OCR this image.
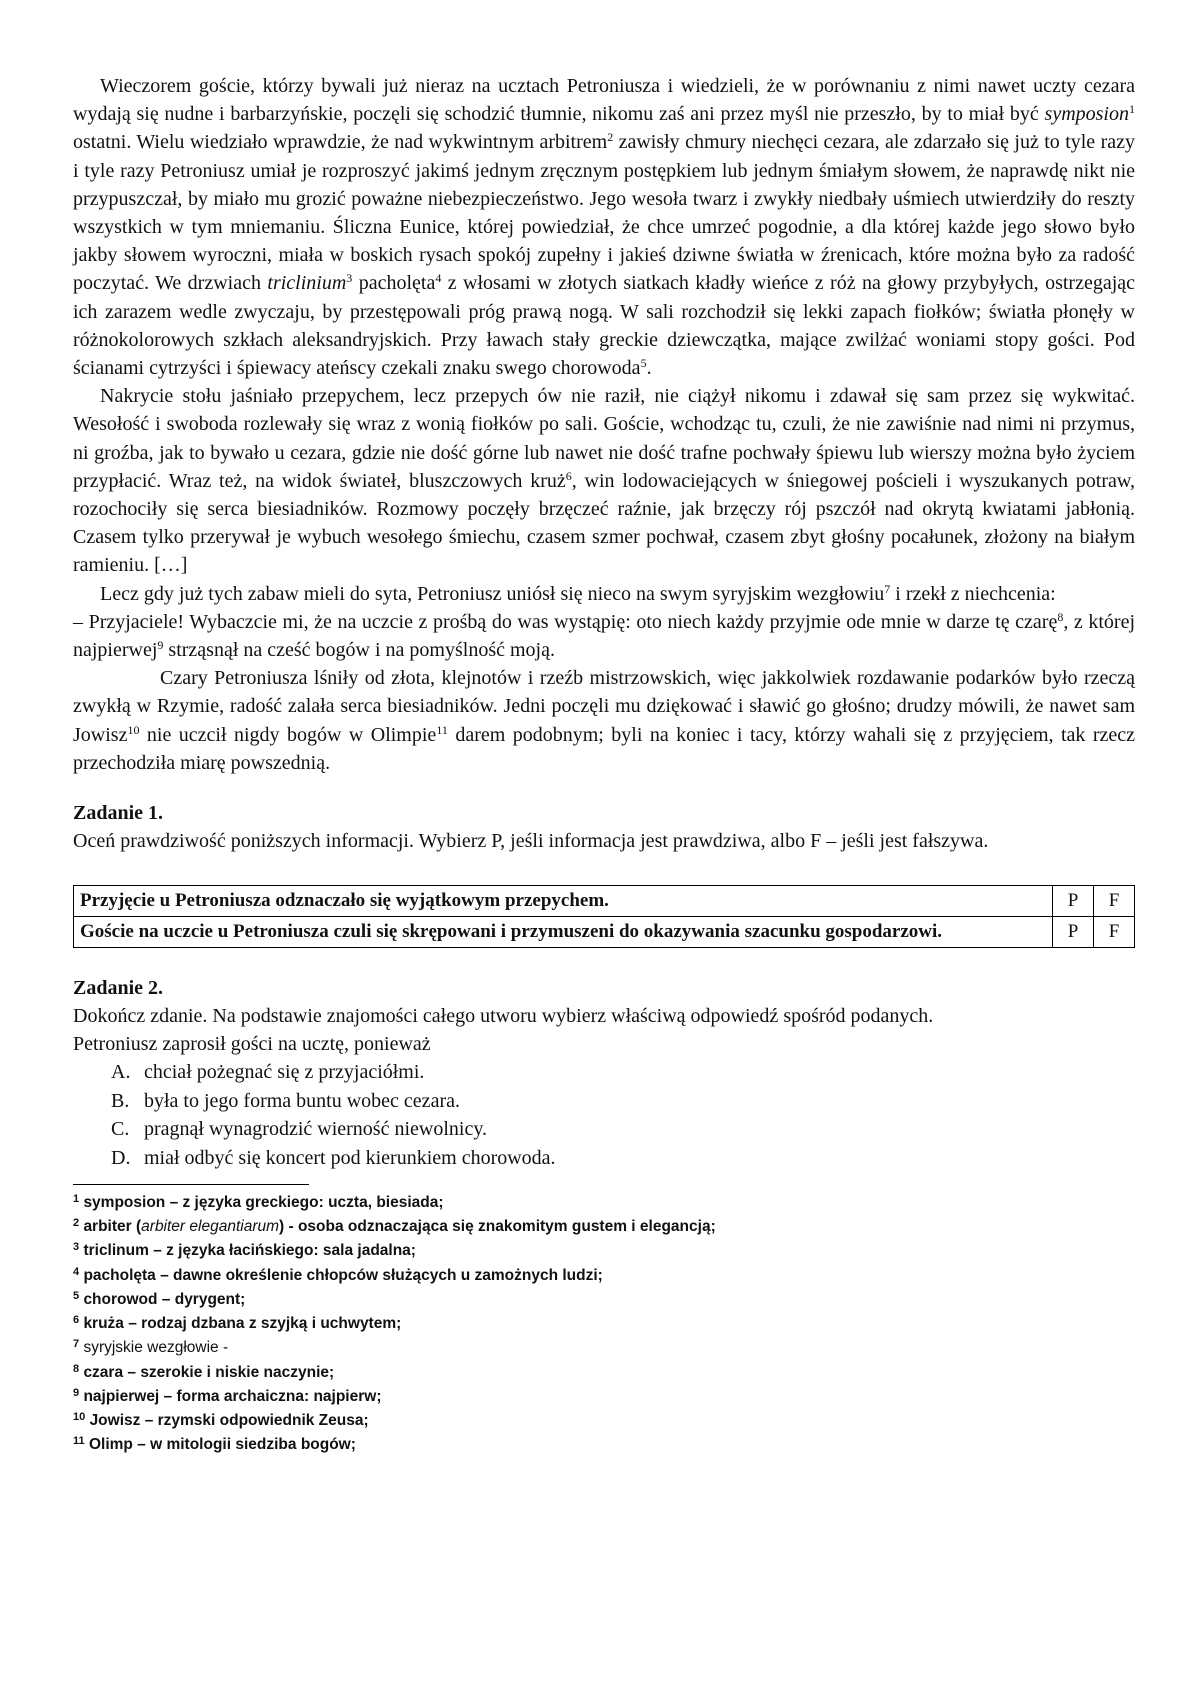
Wieczorem goście, którzy bywali już nieraz na ucztach Petroniusza i wiedzieli, że w porównaniu z nimi nawet uczty cezara wydają się nudne i barbarzyńskie, poczęli się schodzić tłumnie, nikomu zaś ani przez myśl nie przeszło, by to miał być symposion$^1$ ostatni. Wielu wiedziało wprawdzie, że nad wykwintnym arbitrem$^2$ zawisły chmury niechęci cezara, ale zdarzało się już to tyle razy i tyle razy Petroniusz umiał je rozproszyć jakimś jednym zręcznym postępkiem lub jednym śmiałym słowem, że naprawdę nikt nie przypuszczał, by miało mu grozić poważne niebezpieczeństwo. Jego wesoła twarz i zwykły niedbały uśmiech utwierdziły do reszty wszystkich w tym mniemaniu. Śliczna Eunice, której powiedział, że chce umrzeć pogodnie, a dla której każde jego słowo było jakby słowem wyroczni, miała w boskich rysach spokój zupełny i jakieś dziwne światła w źrenicach, które można było za radość poczytać. We drzwiach triclinium$^3$ pacholęta$^4$ z włosami w złotych siatkach kładły wieńce z róż na głowy przybyłych, ostrzegając ich zarazem wedle zwyczaju, by przestępowali próg prawą nogą. W sali rozchodził się lekki zapach fiołków; światła płonęły w różnokolorowych szkłach aleksandryjskich. Przy ławach stały greckie dziewczątka, mające zwilżać woniami stopy gości. Pod ścianami cytrzyści i śpiewacy ateńscy czekali znaku swego chorowoda$^5$.

Nakrycie stołu jaśniało przepychem, lecz przepych ów nie raził, nie ciążył nikomu i zdawał się sam przez się wykwitać. Wesołość i swoboda rozlewały się wraz z wonią fiołków po sali. Goście, wchodząc tu, czuli, że nie zawiśnie nad nimi ni przymus, ni groźba, jak to bywało u cezara, gdzie nie dość górne lub nawet nie dość trafne pochwały śpiewu lub wierszy można było życiem przypłacić. Wraz też, na widok świateł, bluszczowych kruż$^6$, win lodowaciejących w śniegowej pościeli i wyszukanych potraw, rozochociły się serca biesiadników. Rozmowy poczęły brzęczeć raźnie, jak brzęczy rój pszczół nad okrytą kwiatami jabłonią. Czasem tylko przerywał je wybuch wesołego śmiechu, czasem szmer pochwał, czasem zbyt głośny pocałunek, złożony na białym ramieniu. […]

Lecz gdy już tych zabaw mieli do syta, Petroniusz uniósł się nieco na swym syryjskim wezgłowiu$^7$ i rzekł z niechcenia:

– Przyjaciele! Wybaczcie mi, że na uczcie z prośbą do was wystąpię: oto niech każdy przyjmie ode mnie w darze tę czarę$^8$, z której najpierwej$^9$ strząsnął na cześć bogów i na pomyślność moją.

Czary Petroniusza lśniły od złota, klejnotów i rzeźb mistrzowskich, więc jakkolwiek rozdawanie podarków było rzeczą zwykłą w Rzymie, radość zalała serca biesiadników. Jedni poczęli mu dziękować i sławić go głośno; drudzy mówili, że nawet sam Jowisz$^{10}$ nie uczcił nigdy bogów w Olimpie$^{11}$ darem podobnym; byli na koniec i tacy, którzy wahali się z przyjęciem, tak rzecz przechodziła miarę powszednią.

Zadanie 1.

Oceń prawdziwość poniższych informacji. Wybierz P, jeśli informacja jest prawdziwa, albo F – jeśli jest fałszywa.

Przyjęcie u Petroniusza odznaczało się wyjątkowym przepychem.	P	F
Goście na uczcie u Petroniusza czuli się skrępowani i przymuszeni do okazywania szacunku gospodarzowi.	P	F
Zadanie 2.

Dokończ zdanie. Na podstawie znajomości całego utworu wybierz właściwą odpowiedź spośród podanych.

Petroniusz zaprosił gości na ucztę, ponieważ

A. chciał pożegnać się z przyjaciółmi.
B. była to jego forma buntu wobec cezara.
C. pragnął wynagrodzić wierność niewolnicy.
D. miał odbyć się koncert pod kierunkiem chorowoda.
$^1$ symposion – z języka greckiego: uczta, biesiada;
$^2$ arbiter (arbiter elegantiarum) - osoba odznaczająca się znakomitym gustem i elegancją;
$^3$ triclinum – z języka łacińskiego: sala jadalna;
$^4$ pacholęta – dawne określenie chłopców służących u zamożnych ludzi;
$^5$ chorowod – dyrygent;
$^6$ kruża – rodzaj dzbana z szyjką i uchwytem;
$^7$ syryjskie wezgłowie -
$^8$ czara – szerokie i niskie naczynie;
$^9$ najpierwej – forma archaiczna: najpierw;
$^{10}$ Jowisz – rzymski odpowiednik Zeusa;
$^{11}$ Olimp – w mitologii siedziba bogów;
